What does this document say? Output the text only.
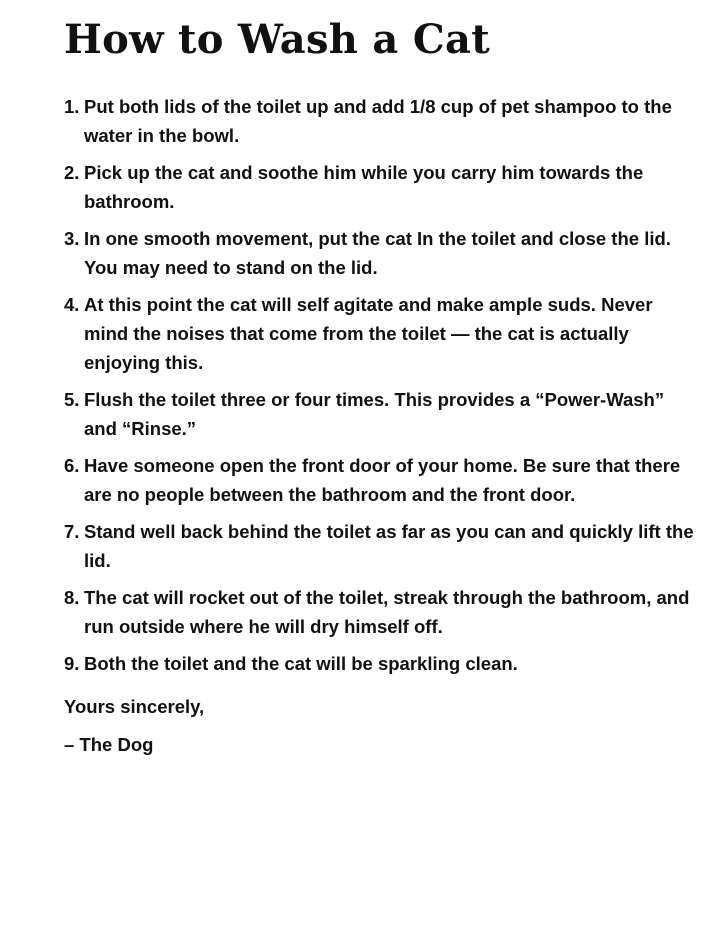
How to Wash a Cat
1. Put both lids of the toilet up and add 1/8 cup of pet shampoo to the water in the bowl.
2. Pick up the cat and soothe him while you carry him towards the bathroom.
3. In one smooth movement, put the cat In the toilet and close the lid. You may need to stand on the lid.
4. At this point the cat will self agitate and make ample suds. Never mind the noises that come from the toilet — the cat is actually enjoying this.
5. Flush the toilet three or four times. This provides a “Power-Wash” and “Rinse.”
6. Have someone open the front door of your home. Be sure that there are no people between the bathroom and the front door.
7. Stand well back behind the toilet as far as you can and quickly lift the lid.
8. The cat will rocket out of the toilet, streak through the bathroom, and run outside where he will dry himself off.
9. Both the toilet and the cat will be sparkling clean.

Yours sincerely,

– The Dog
